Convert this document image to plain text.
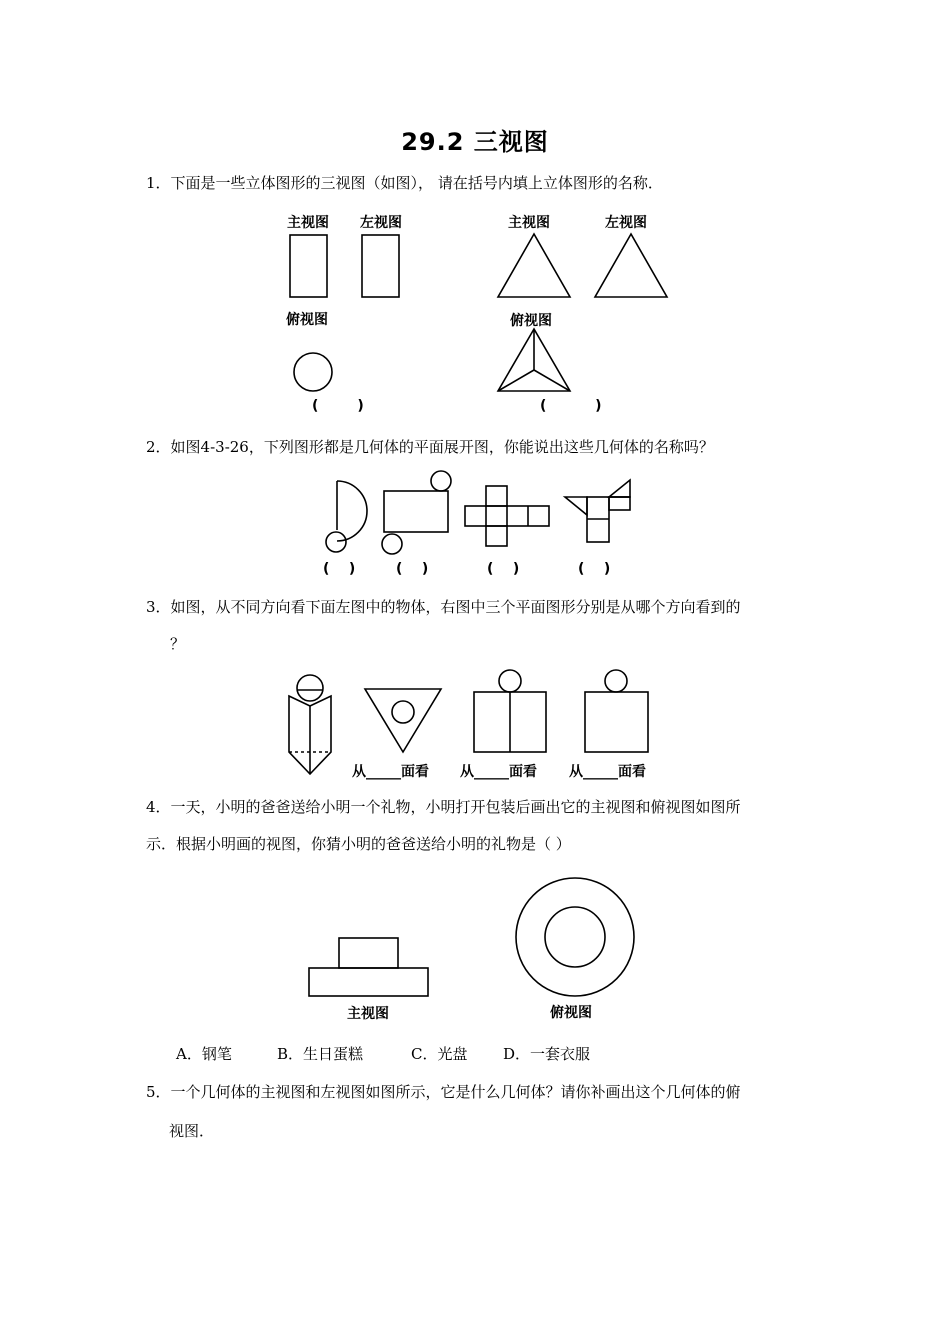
29.2 三视图
1．下面是一些立体图形的三视图（如图）， 请在括号内填上立体图形的名称．
主视图 左视图
俯视图
主视图	左视图
俯视图
(        )	(          )
2．如图4-3-26，下列图形都是几何体的平面展开图，你能说出这些几何体的名称吗？
(    )	(    )	(    )	(    )
3．如图，从不同方向看下面左图中的物体，右图中三个平面图形分别是从哪个方向看到的
？
从_____面看 从_____面看 从_____面看
4．一天，小明的爸爸送给小明一个礼物，小明打开包装后画出它的主视图和俯视图如图所
示．根据小明画的视图，你猜小明的爸爸送给小明的礼物是（ ）
主视图	俯视图
A．钢笔	B．生日蛋糕	C．光盘 D．一套衣服
5．一个几何体的主视图和左视图如图所示，它是什么几何体？请你补画出这个几何体的俯
视图．
